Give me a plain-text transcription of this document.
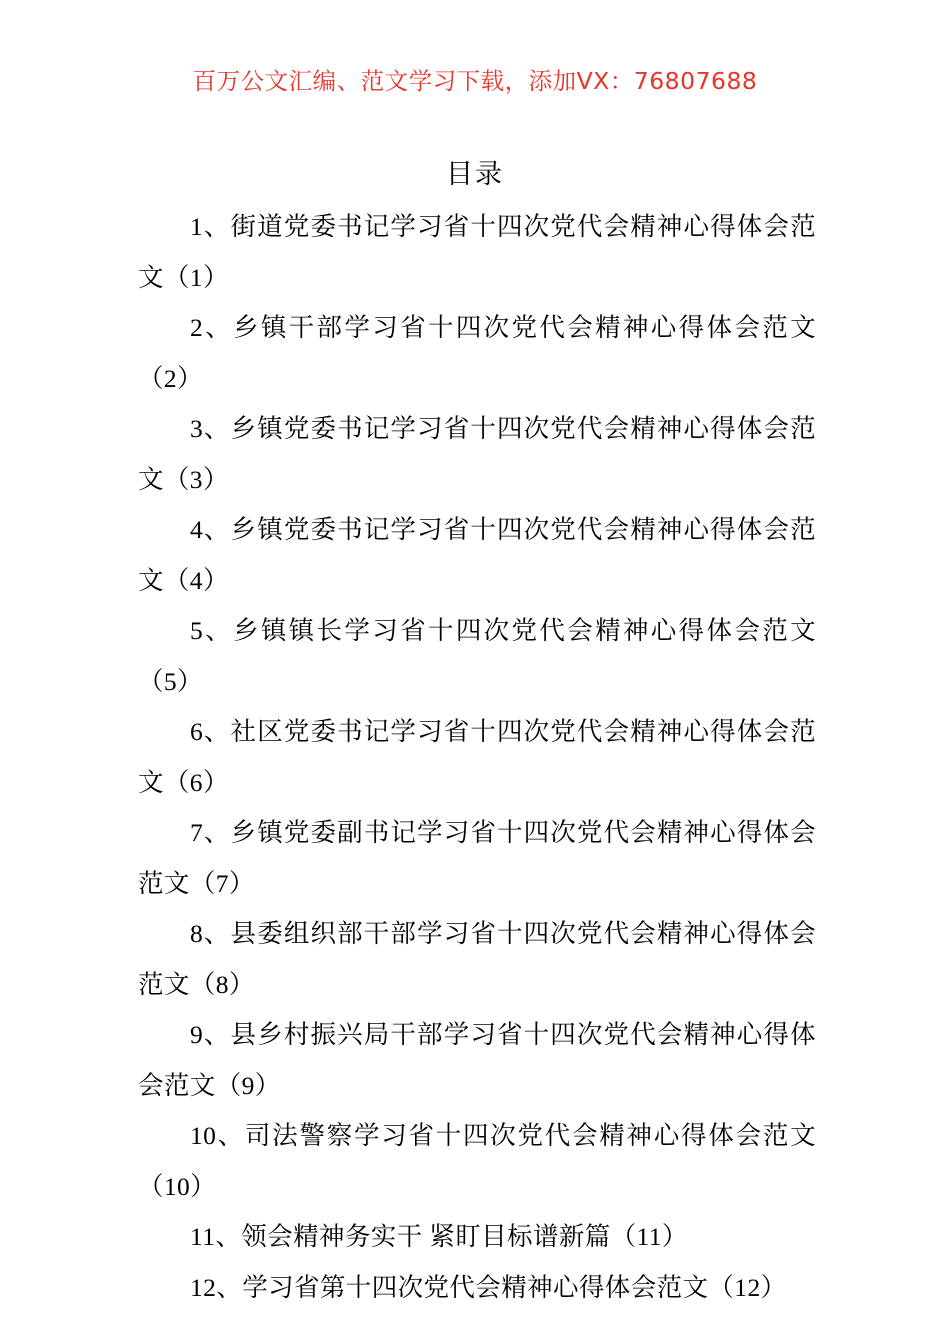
百万公文汇编、范文学习下载，添加VX：76807688
目录

1、街道党委书记学习省十四次党代会精神心得体会范文（1）

2、乡镇干部学习省十四次党代会精神心得体会范文（2）

3、乡镇党委书记学习省十四次党代会精神心得体会范文（3）

4、乡镇党委书记学习省十四次党代会精神心得体会范文（4）

5、乡镇镇长学习省十四次党代会精神心得体会范文（5）

6、社区党委书记学习省十四次党代会精神心得体会范文（6）

7、乡镇党委副书记学习省十四次党代会精神心得体会范文（7）

8、县委组织部干部学习省十四次党代会精神心得体会范文（8）

9、县乡村振兴局干部学习省十四次党代会精神心得体会范文（9）

10、司法警察学习省十四次党代会精神心得体会范文（10）

11、领会精神务实干 紧盯目标谱新篇（11）

12、学习省第十四次党代会精神心得体会范文（12）
